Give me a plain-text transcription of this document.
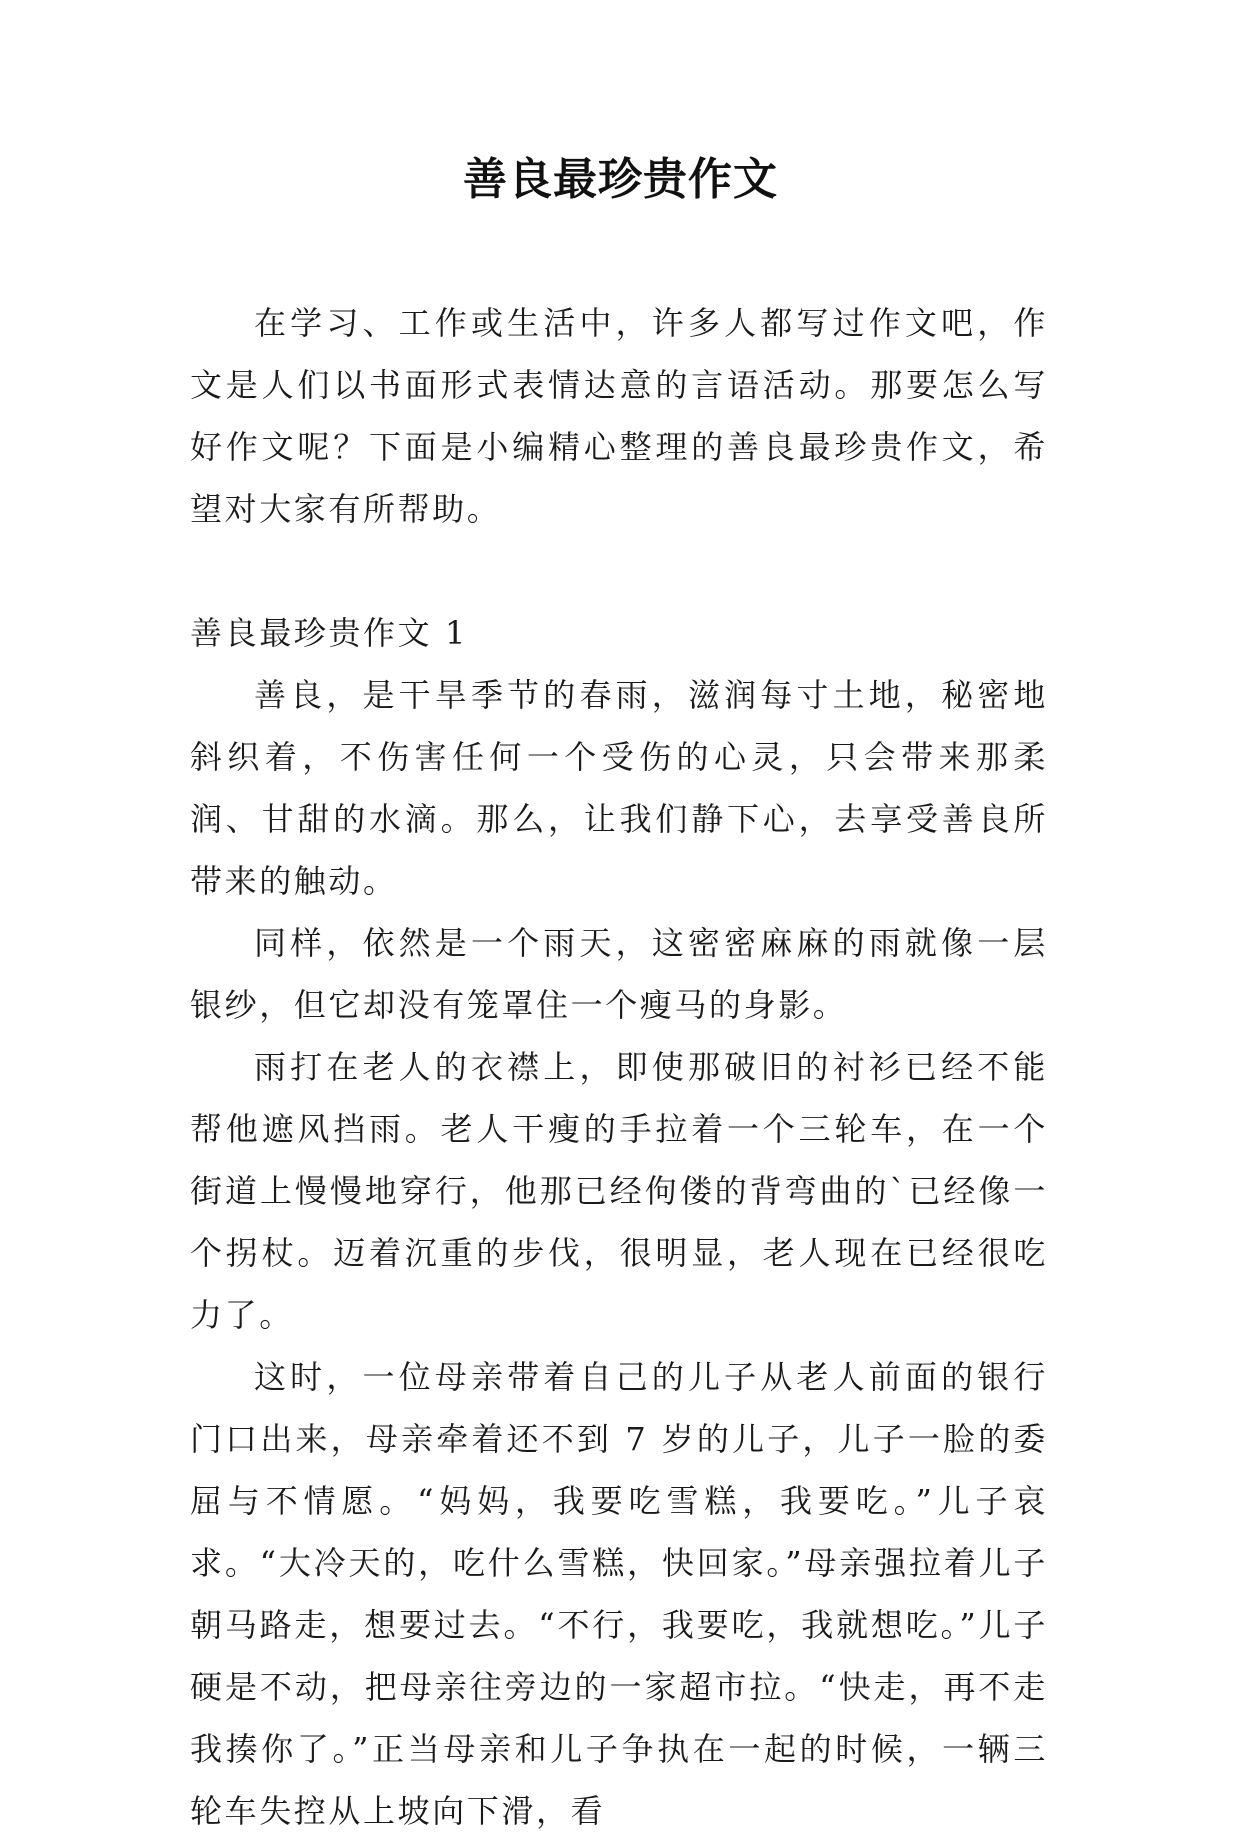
善良最珍贵作文

在学习、工作或生活中，许多人都写过作文吧，作文是人们以书面形式表情达意的言语活动。那要怎么写好作文呢？下面是小编精心整理的善良最珍贵作文，希望对大家有所帮助。

善良最珍贵作文 1

善良，是干旱季节的春雨，滋润每寸土地，秘密地斜织着，不伤害任何一个受伤的心灵，只会带来那柔润、甘甜的水滴。那么，让我们静下心，去享受善良所带来的触动。

同样，依然是一个雨天，这密密麻麻的雨就像一层银纱，但它却没有笼罩住一个瘦马的身影。

雨打在老人的衣襟上，即使那破旧的衬衫已经不能帮他遮风挡雨。老人干瘦的手拉着一个三轮车，在一个街道上慢慢地穿行，他那已经佝偻的背弯曲的`已经像一个拐杖。迈着沉重的步伐，很明显，老人现在已经很吃力了。

这时，一位母亲带着自己的儿子从老人前面的银行门口出来，母亲牵着还不到 7 岁的儿子，儿子一脸的委屈与不情愿。“妈妈，我要吃雪糕，我要吃。”儿子哀求。“大冷天的，吃什么雪糕，快回家。”母亲强拉着儿子朝马路走，想要过去。“不行，我要吃，我就想吃。”儿子硬是不动，把母亲往旁边的一家超市拉。“快走，再不走我揍你了。”正当母亲和儿子争执在一起的时候，一辆三轮车失控从上坡向下滑，看
